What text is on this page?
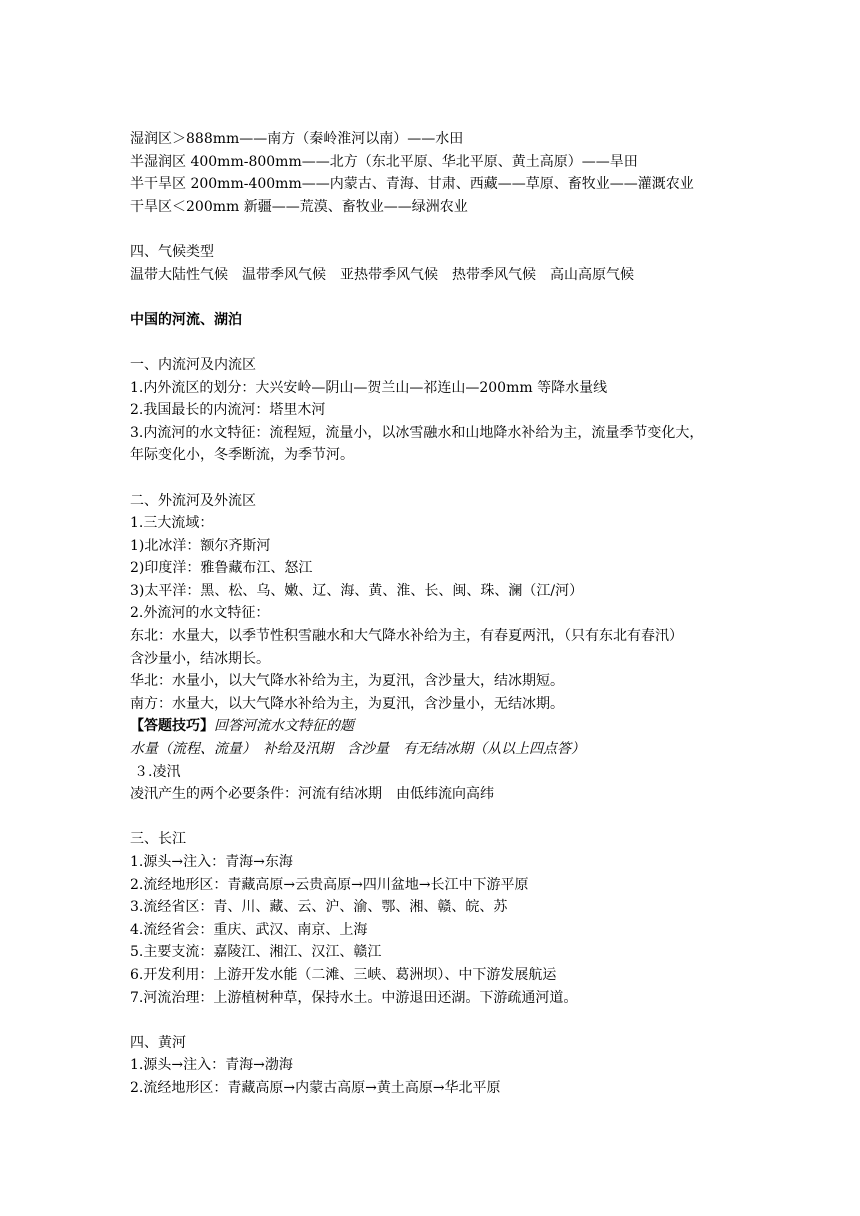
湿润区＞888mm——南方（秦岭淮河以南）——水田
半湿润区 400mm-800mm——北方（东北平原、华北平原、黄土高原）——旱田
半干旱区 200mm-400mm——内蒙古、青海、甘肃、西藏——草原、畜牧业——灌溉农业
干旱区＜200mm 新疆——荒漠、畜牧业——绿洲农业
四、气候类型
温带大陆性气候　温带季风气候　亚热带季风气候　热带季风气候　高山高原气候
中国的河流、湖泊
一、内流河及内流区
1.内外流区的划分：大兴安岭—阴山—贺兰山—祁连山—200mm 等降水量线
2.我国最长的内流河：塔里木河
3.内流河的水文特征：流程短，流量小，以冰雪融水和山地降水补给为主，流量季节变化大，
年际变化小，冬季断流，为季节河。
二、外流河及外流区
1.三大流域：
1)北冰洋：额尔齐斯河
2)印度洋：雅鲁藏布江、怒江
3)太平洋：黑、松、乌、嫩、辽、海、黄、淮、长、闽、珠、澜（江/河）
2.外流河的水文特征：
东北：水量大，以季节性积雪融水和大气降水补给为主，有春夏两汛，（只有东北有春汛）
含沙量小，结冰期长。
华北：水量小，以大气降水补给为主，为夏汛，含沙量大，结冰期短。
南方：水量大，以大气降水补给为主，为夏汛，含沙量小，无结冰期。
【答题技巧】回答河流水文特征的题
水量（流程、流量）　补给及汛期　含沙量　有无结冰期（从以上四点答）
３.凌汛
凌汛产生的两个必要条件：河流有结冰期　由低纬流向高纬
三、长江
1.源头→注入：青海→东海
2.流经地形区：青藏高原→云贵高原→四川盆地→长江中下游平原
3.流经省区：青、川、藏、云、沪、渝、鄂、湘、赣、皖、苏
4.流经省会：重庆、武汉、南京、上海
5.主要支流：嘉陵江、湘江、汉江、赣江
6.开发利用：上游开发水能（二滩、三峡、葛洲坝）、中下游发展航运
7.河流治理：上游植树种草，保持水土。中游退田还湖。下游疏通河道。
四、黄河
1.源头→注入：青海→渤海
2.流经地形区：青藏高原→内蒙古高原→黄土高原→华北平原
